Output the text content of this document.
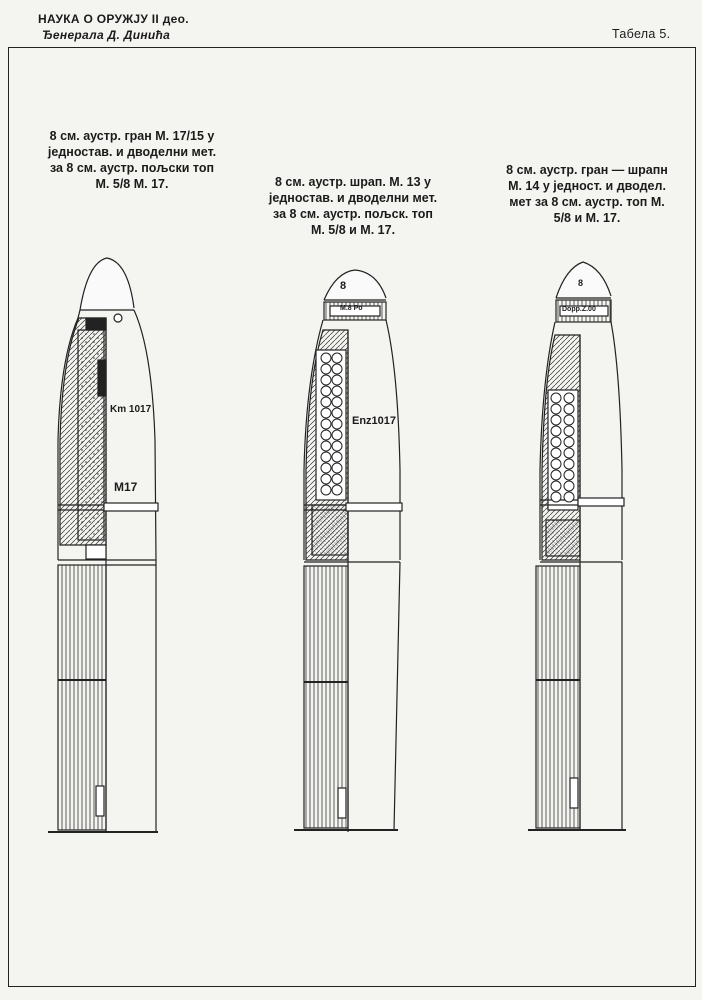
НАУКА О ОРУЖЈУ II део.
Ђенерала Д. Динића	Табела 5.
8 см. аустр. гран М. 17/15 у
једностав. и дводелни мет.
за 8 см. аустр. пољски топ
М. 5/8 М. 17.	8 см. аустр. шрап. М. 13 у
једностав. и дводелни мет.
за 8 см. аустр. пољск. топ
М. 5/8 и М. 17.
8 см. аустр. гран — шрапн
М. 14 у једност. и дводел.
мет за 8 см. аустр. топ М.
5/8 и М. 17.
Km 1017
M17
8
M.8 Po
Enz1017
8
Dopp.Z.00
